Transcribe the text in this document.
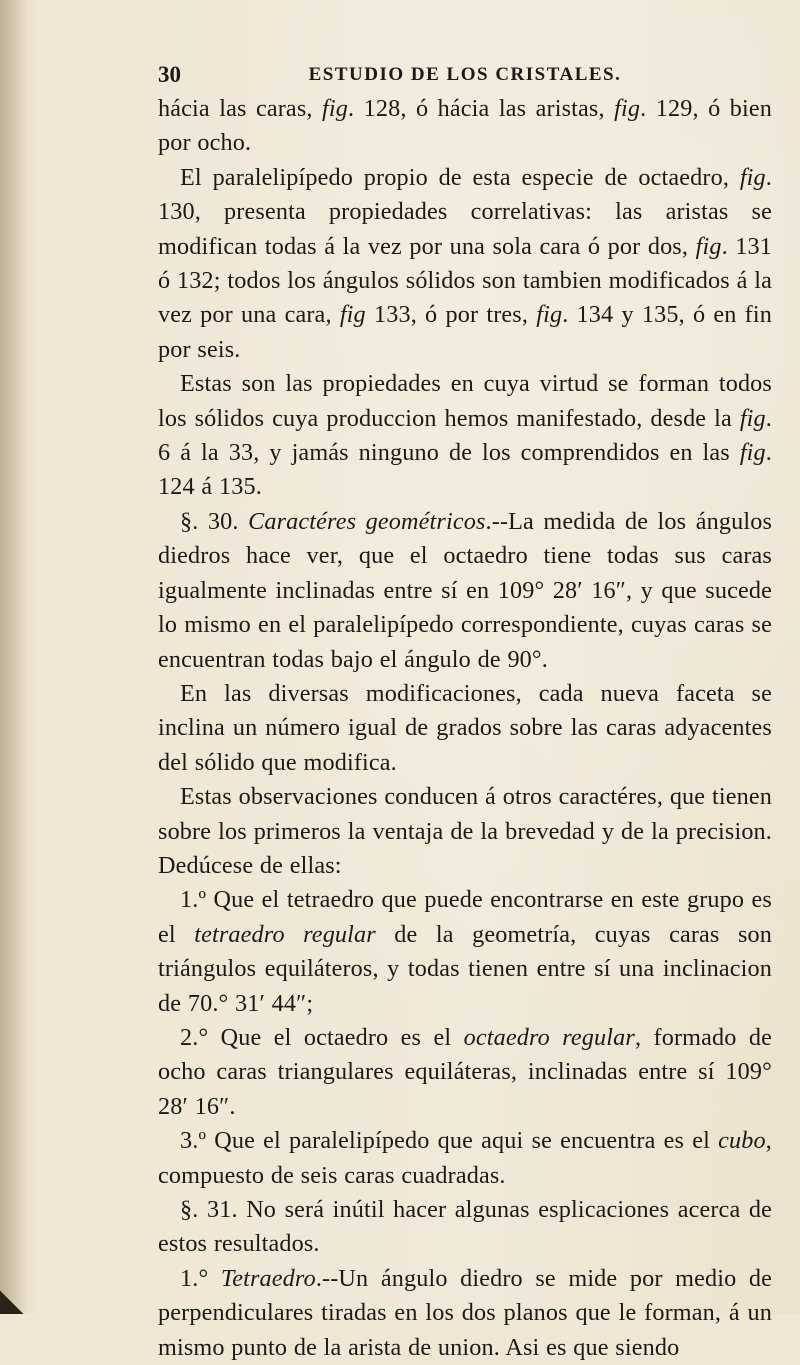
30	ESTUDIO DE LOS CRISTALES.

hácia las caras, fig. 128, ó hácia las aristas, fig. 129, ó bien por ocho.

El paralelipípedo propio de esta especie de octaedro, fig. 130, presenta propiedades correlativas: las aristas se modifican todas á la vez por una sola cara ó por dos, fig. 131 ó 132; todos los ángulos sólidos son tambien modificados á la vez por una cara, fig 133, ó por tres, fig. 134 y 135, ó en fin por seis.

Estas son las propiedades en cuya virtud se forman todos los sólidos cuya produccion hemos manifestado, desde la fig. 6 á la 33, y jamás ninguno de los comprendidos en las fig. 124 á 135.

§. 30. Caractéres geométricos.--La medida de los ángulos diedros hace ver, que el octaedro tiene todas sus caras igualmente inclinadas entre sí en 109° 28′ 16″, y que sucede lo mismo en el paralelipípedo correspondiente, cuyas caras se encuentran todas bajo el ángulo de 90°.

En las diversas modificaciones, cada nueva faceta se inclina un número igual de grados sobre las caras adyacentes del sólido que modifica.

Estas observaciones conducen á otros caractéres, que tienen sobre los primeros la ventaja de la brevedad y de la precision. Dedúcese de ellas:

1.º Que el tetraedro que puede encontrarse en este grupo es el tetraedro regular de la geometría, cuyas caras son triángulos equiláteros, y todas tienen entre sí una inclinacion de 70.° 31′ 44″;

2.° Que el octaedro es el octaedro regular, formado de ocho caras triangulares equiláteras, inclinadas entre sí 109° 28′ 16″.

3.º Que el paralelipípedo que aqui se encuentra es el cubo, compuesto de seis caras cuadradas.

§. 31. No será inútil hacer algunas esplicaciones acerca de estos resultados.

1.° Tetraedro.--Un ángulo diedro se mide por medio de perpendiculares tiradas en los dos planos que le forman, á un mismo punto de la arista de union. Asi es que siendo
